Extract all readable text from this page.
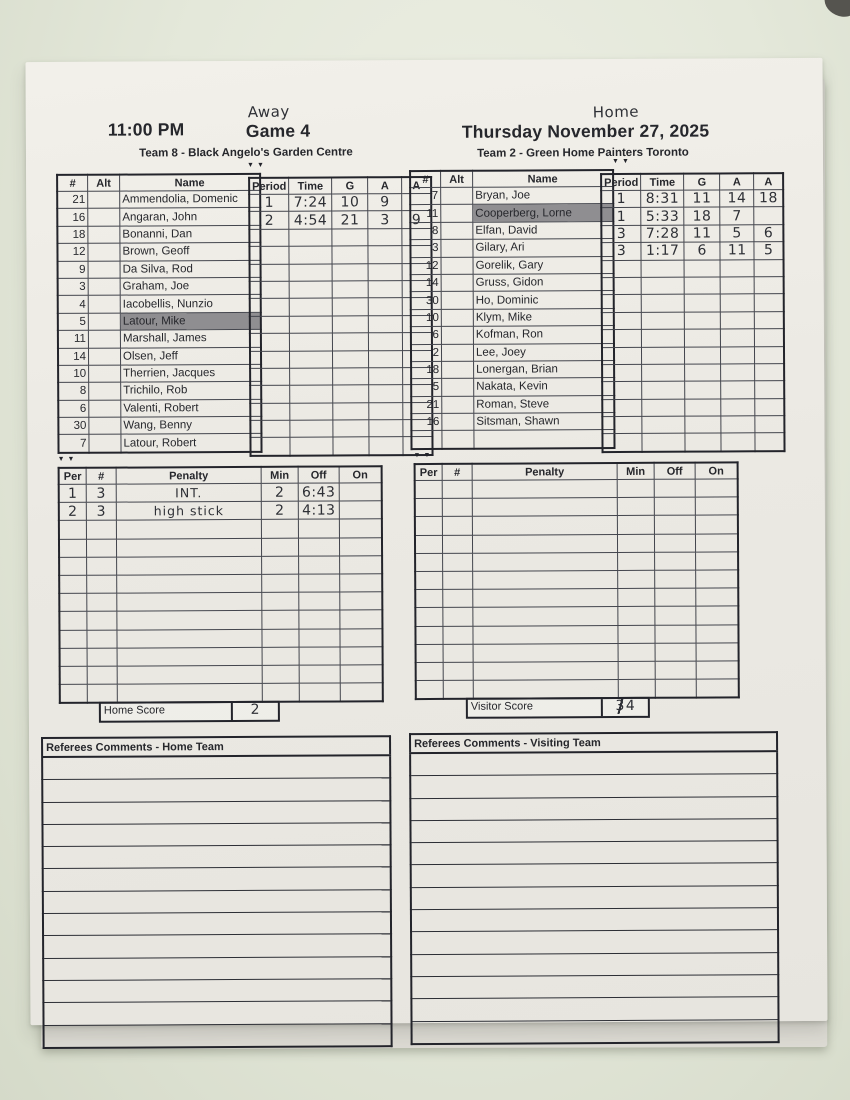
11:00 PM
Away
Game 4
Home
Thursday November 27, 2025
Team 8 - Black Angelo's Garden Centre	Team 2 - Green Home Painters Toronto
▼▼
▼▼
▼▼
▼▼
#	Alt	Name
21		Ammendolia, Domenic
16		Angaran, John
18		Bonanni, Dan
12		Brown, Geoff
9		Da Silva, Rod
3		Graham, Joe
4		Iacobellis, Nunzio
5		Latour, Mike
11		Marshall, James
14		Olsen, Jeff
10		Therrien, Jacques
8		Trichilo, Rob
6		Valenti, Robert
30		Wang, Benny
7		Latour, Robert
Period	Time	G	A	A
1	7:24	10	9	
2	4:54	21	3	9

#	Alt	Name
7		Bryan, Joe
11		Cooperberg, Lorne
8		Elfan, David
3		Gilary, Ari
12		Gorelik, Gary
14		Gruss, Gidon
30		Ho, Dominic
10		Klym, Mike
6		Kofman, Ron
2		Lee, Joey
18		Lonergan, Brian
5		Nakata, Kevin
21		Roman, Steve
16		Sitsman, Shawn

Period	Time	G	A	A
1	8:31	11	14	18
1	5:33	18	7	
3	7:28	11	5	6
3	1:17	6	11	5

Per	#	Penalty	Min	Off	On
1	3	INT.	2	6:43	
2	3	high stick	2	4:13	

Per	#	Penalty	Min	Off	On

Home Score	2	Visitor Score	34
Referees Comments - Home Team	Referees Comments - Visiting Team
